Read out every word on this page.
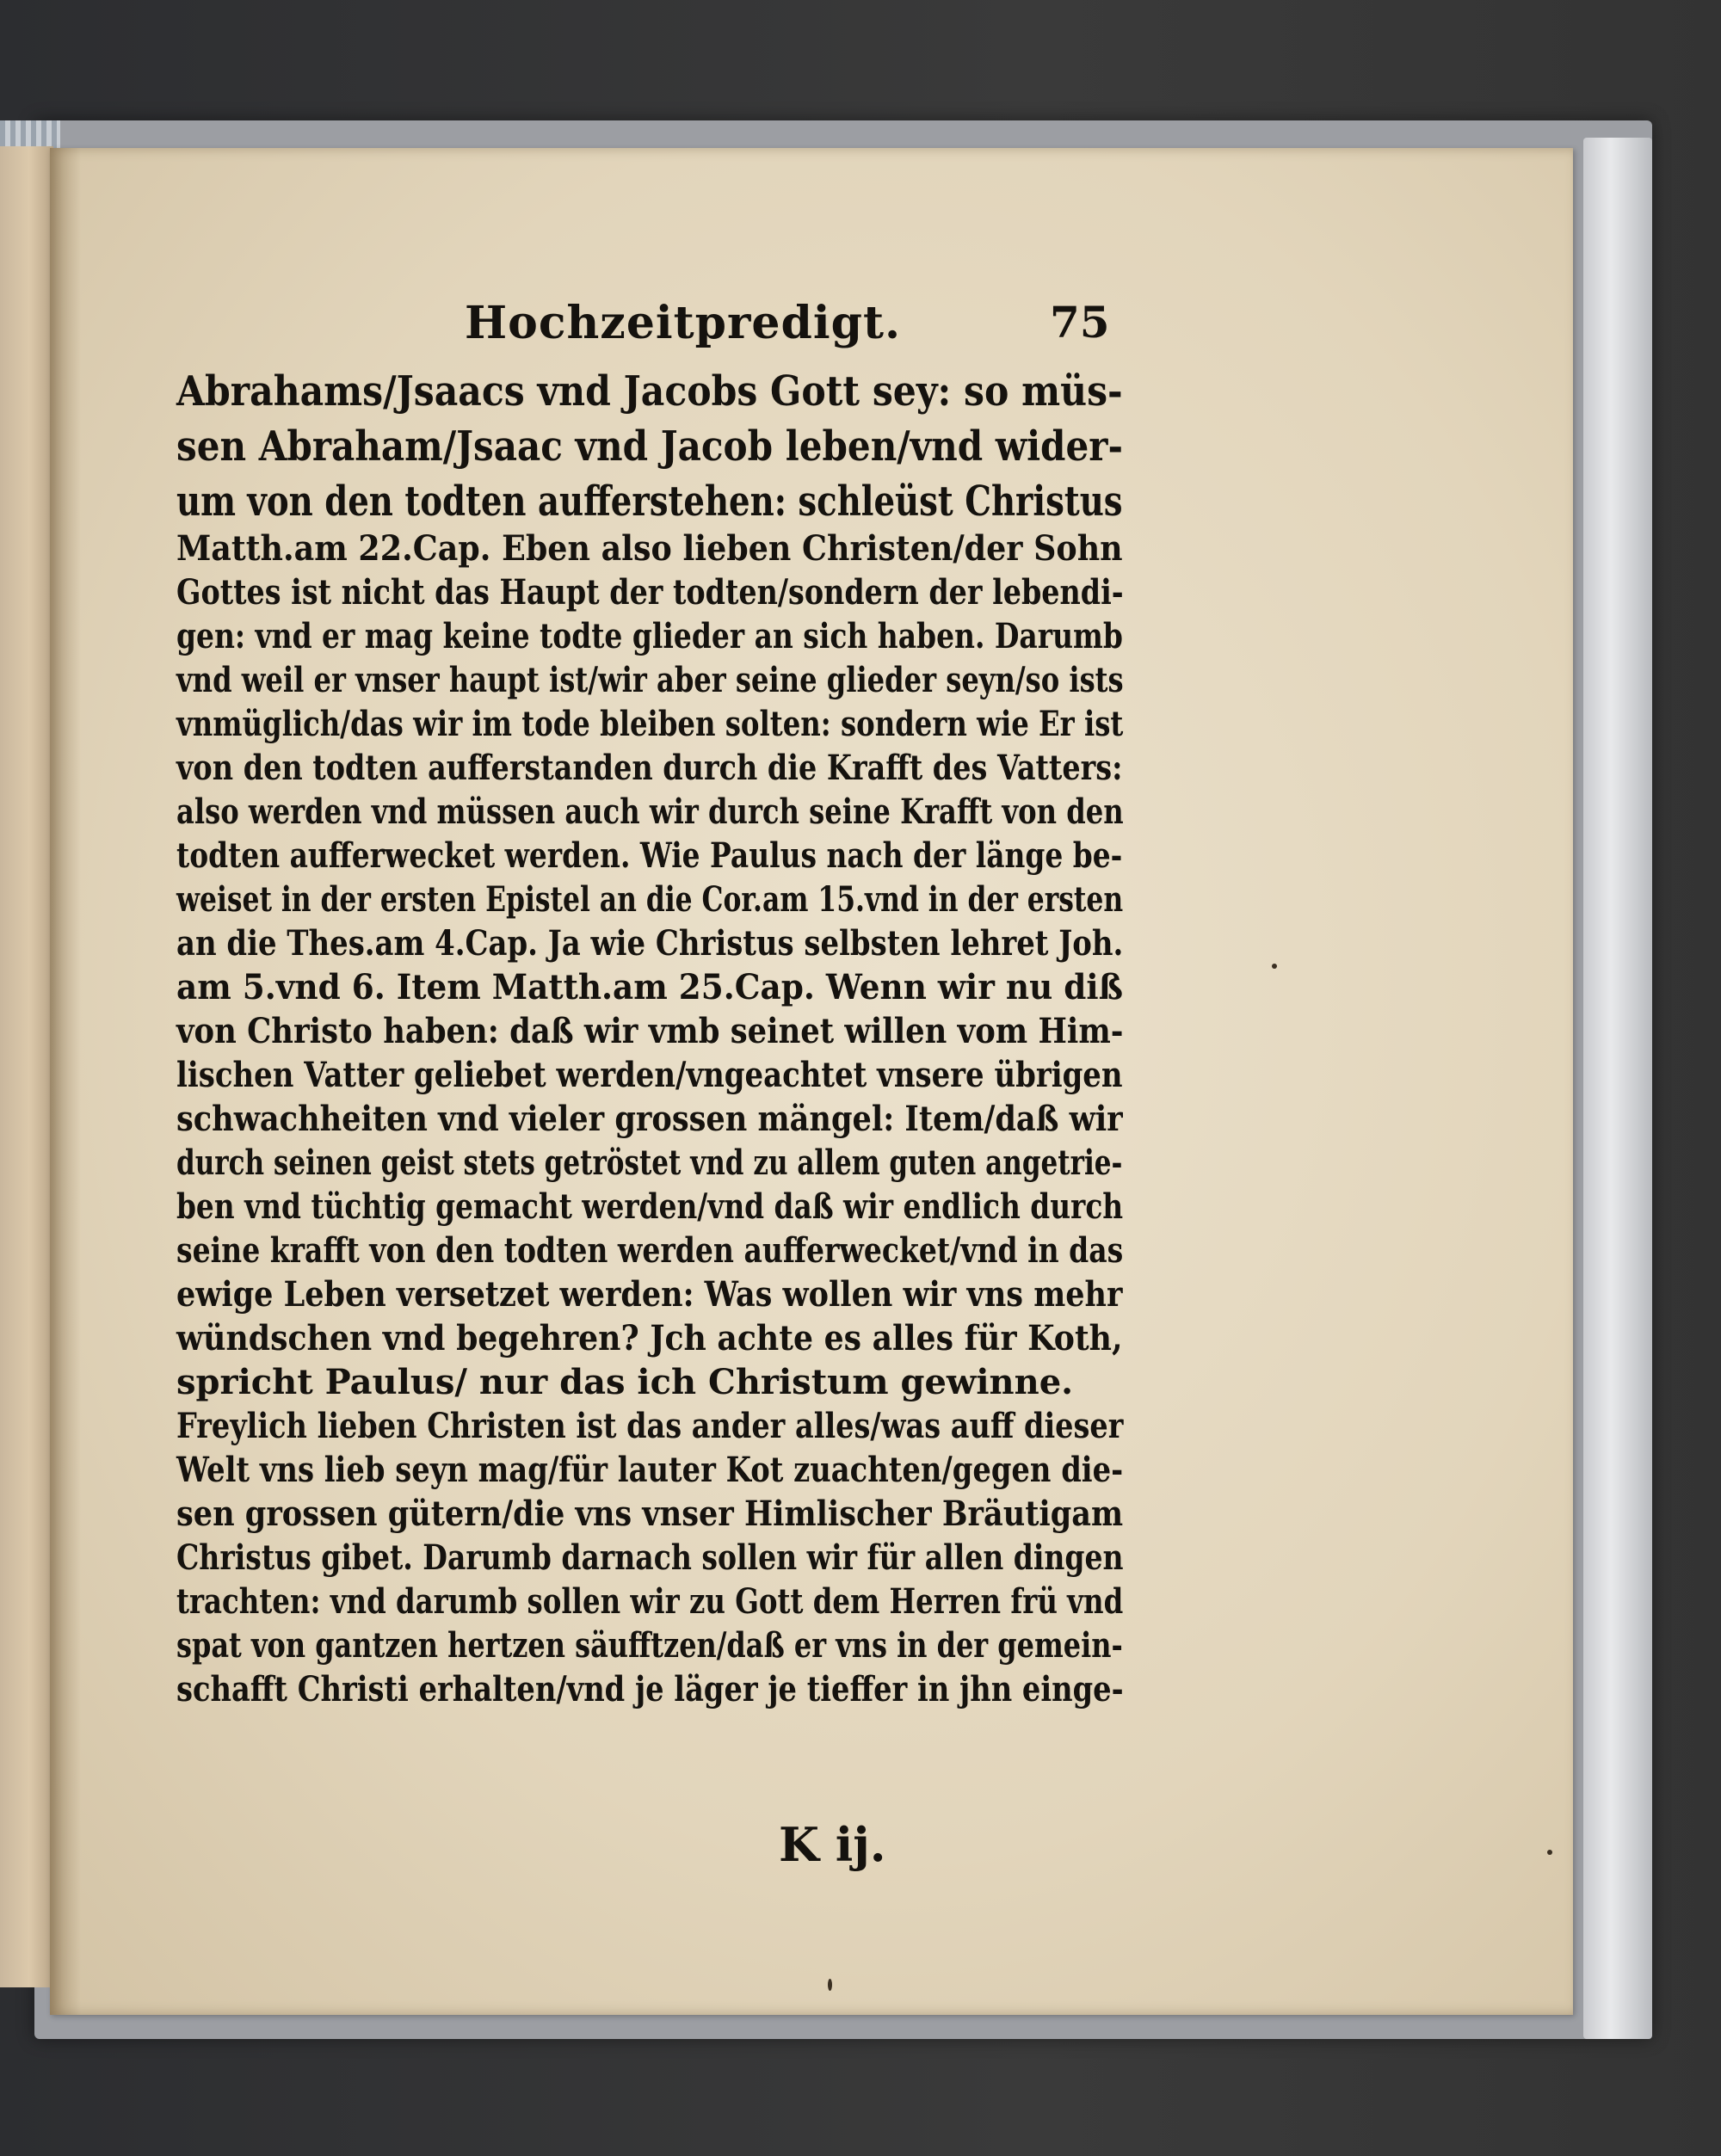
Hochzeitpredigt.	75
Abrahams/Jsaacs vnd Jacobs Gott sey: so müs-
sen Abraham/Jsaac vnd Jacob leben/vnd wider-
um von den todten aufferstehen: schleüst Christus
Matth.am 22.Cap. Eben also lieben Christen/der Sohn
Gottes ist nicht das Haupt der todten/sondern der lebendi-
gen: vnd er mag keine todte glieder an sich haben. Darumb
vnd weil er vnser haupt ist/wir aber seine glieder seyn/so ists
vnmüglich/das wir im tode bleiben solten: sondern wie Er ist
von den todten aufferstanden durch die Krafft des Vatters:
also werden vnd müssen auch wir durch seine Krafft von den
todten aufferwecket werden. Wie Paulus nach der länge be-
weiset in der ersten Epistel an die Cor.am 15.vnd in der ersten
an die Thes.am 4.Cap. Ja wie Christus selbsten lehret Joh.
am 5.vnd 6. Item Matth.am 25.Cap. Wenn wir nu diß
von Christo haben: daß wir vmb seinet willen vom Him-
lischen Vatter geliebet werden/vngeachtet vnsere übrigen
schwachheiten vnd vieler grossen mängel: Item/daß wir
durch seinen geist stets getröstet vnd zu allem guten angetrie-
ben vnd tüchtig gemacht werden/vnd daß wir endlich durch
seine krafft von den todten werden aufferwecket/vnd in das
ewige Leben versetzet werden: Was wollen wir vns mehr
wündschen vnd begehren? Jch achte es alles für Koth,
spricht Paulus/ nur das ich Christum gewinne.
Freylich lieben Christen ist das ander alles/was auff dieser
Welt vns lieb seyn mag/für lauter Kot zuachten/gegen die-
sen grossen gütern/die vns vnser Himlischer Bräutigam
Christus gibet. Darumb darnach sollen wir für allen dingen
trachten: vnd darumb sollen wir zu Gott dem Herren frü vnd
spat von gantzen hertzen säufftzen/daß er vns in der gemein-
schafft Christi erhalten/vnd je läger je tieffer in jhn einge-
K ij.
